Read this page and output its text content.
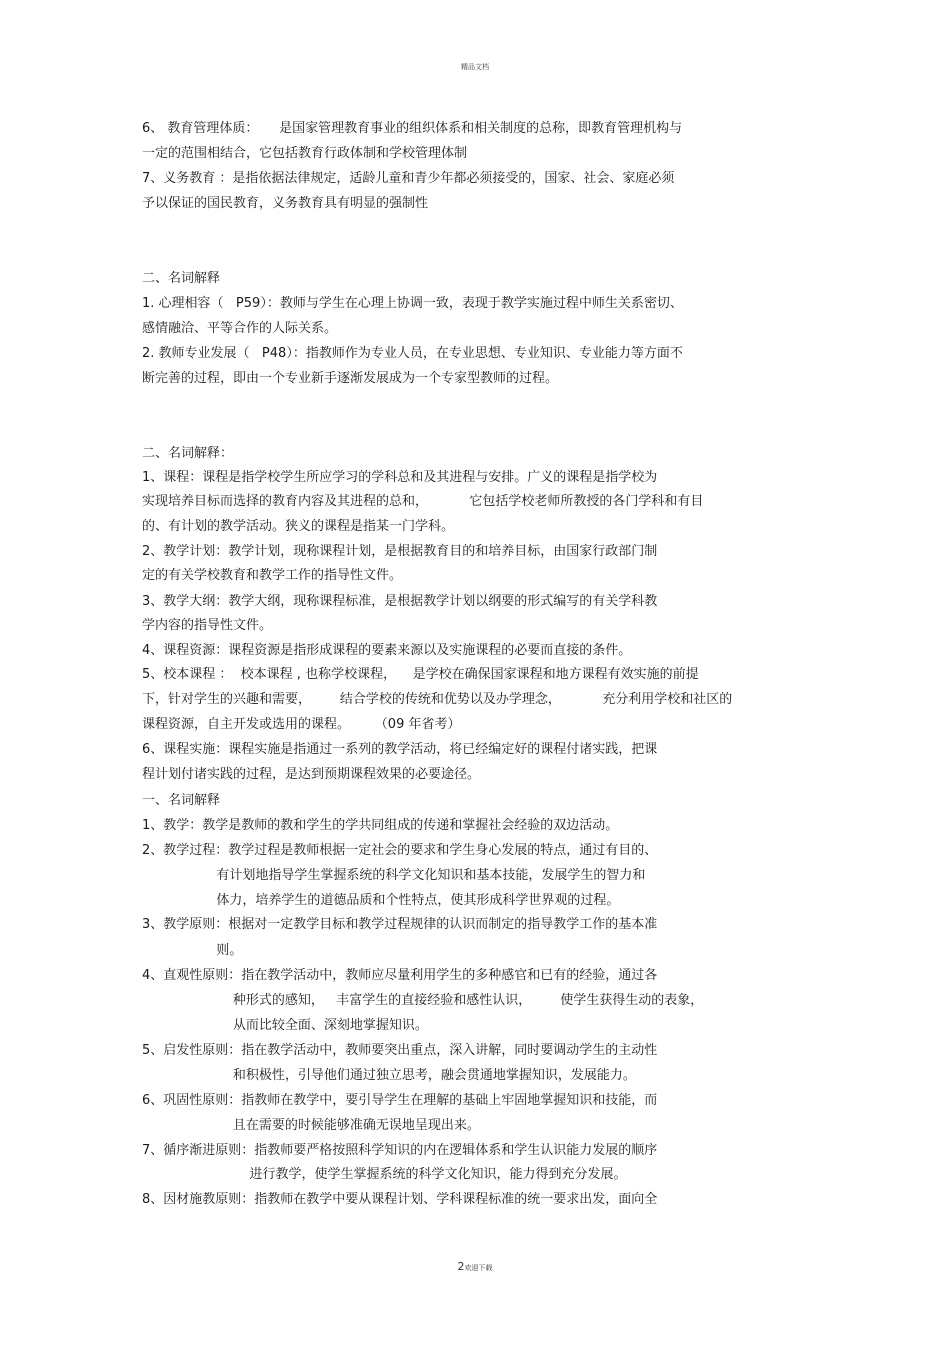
精品文档
6、 教育管理体质：     是国家管理教育事业的组织体系和相关制度的总称，即教育管理机构与
一定的范围相结合，它包括教育行政体制和学校管理体制
7、义务教育 ：是指依据法律规定，适龄儿童和青少年都必须接受的，国家、社会、家庭必须
予以保证的国民教育，义务教育具有明显的强制性
二、名词解释
1. 心理相容（   P59）：教师与学生在心理上协调一致，表现于教学实施过程中师生关系密切、
感情融洽、平等合作的人际关系。
2. 教师专业发展（   P48）：指教师作为专业人员，在专业思想、专业知识、专业能力等方面不
断完善的过程，即由一个专业新手逐渐发展成为一个专家型教师的过程。
二、名词解释：
1、课程：课程是指学校学生所应学习的学科总和及其进程与安排。广义的课程是指学校为
实现培养目标而选择的教育内容及其进程的总和，          它包括学校老师所教授的各门学科和有目
的、有计划的教学活动。狭义的课程是指某一门学科。
2、教学计划：教学计划，现称课程计划，是根据教育目的和培养目标，由国家行政部门制
定的有关学校教育和教学工作的指导性文件。
3、教学大纲：教学大纲，现称课程标准，是根据教学计划以纲要的形式编写的有关学科教
学内容的指导性文件。
4、课程资源：课程资源是指形成课程的要素来源以及实施课程的必要而直接的条件。
5、校本课程 ：  校本课程 , 也称学校课程，    是学校在确保国家课程和地方课程有效实施的前提
下，针对学生的兴趣和需要，       结合学校的传统和优势以及办学理念，          充分利用学校和社区的
课程资源，自主开发或选用的课程。      （09 年省考）
6、课程实施：课程实施是指通过一系列的教学活动，将已经编定好的课程付诸实践，把课
程计划付诸实践的过程，是达到预期课程效果的必要途径。
一、名词解释
1、教学：教学是教师的教和学生的学共同组成的传递和掌握社会经验的双边活动。
2、教学过程：教学过程是教师根据一定社会的要求和学生身心发展的特点，通过有目的、
有计划地指导学生掌握系统的科学文化知识和基本技能，发展学生的智力和
体力，培养学生的道德品质和个性特点，使其形成科学世界观的过程。
3、教学原则：根据对一定教学目标和教学过程规律的认识而制定的指导教学工作的基本准
则。
4、直观性原则：指在教学活动中，教师应尽量利用学生的多种感官和已有的经验，通过各
种形式的感知，   丰富学生的直接经验和感性认识，       使学生获得生动的表象，
从而比较全面、深刻地掌握知识。
5、启发性原则：指在教学活动中，教师要突出重点，深入讲解，同时要调动学生的主动性
和积极性，引导他们通过独立思考，融会贯通地掌握知识，发展能力。
6、巩固性原则：指教师在教学中，要引导学生在理解的基础上牢固地掌握知识和技能，而
且在需要的时候能够准确无误地呈现出来。
7、循序渐进原则：指教师要严格按照科学知识的内在逻辑体系和学生认识能力发展的顺序
进行教学，使学生掌握系统的科学文化知识，能力得到充分发展。
8、因材施教原则：指教师在教学中要从课程计划、学科课程标准的统一要求出发，面向全
2欢迎下载
